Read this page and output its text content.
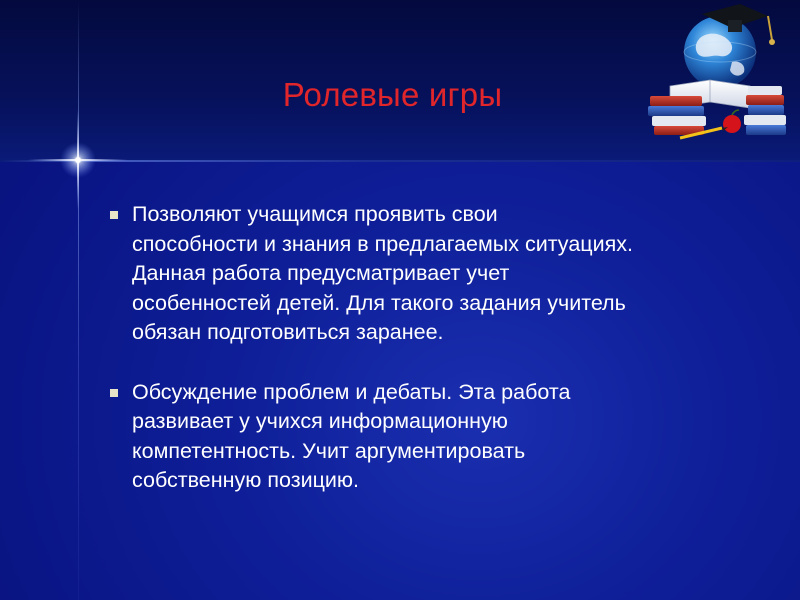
Ролевые игры
Позволяют учащимся проявить свои
способности и знания в предлагаемых ситуациях.
Данная работа предусматривает учет
особенностей детей. Для такого задания учитель
обязан подготовиться заранее.
Обсуждение проблем и дебаты. Эта работа
развивает у учихся информационную
компетентность. Учит аргументировать
собственную позицию.
